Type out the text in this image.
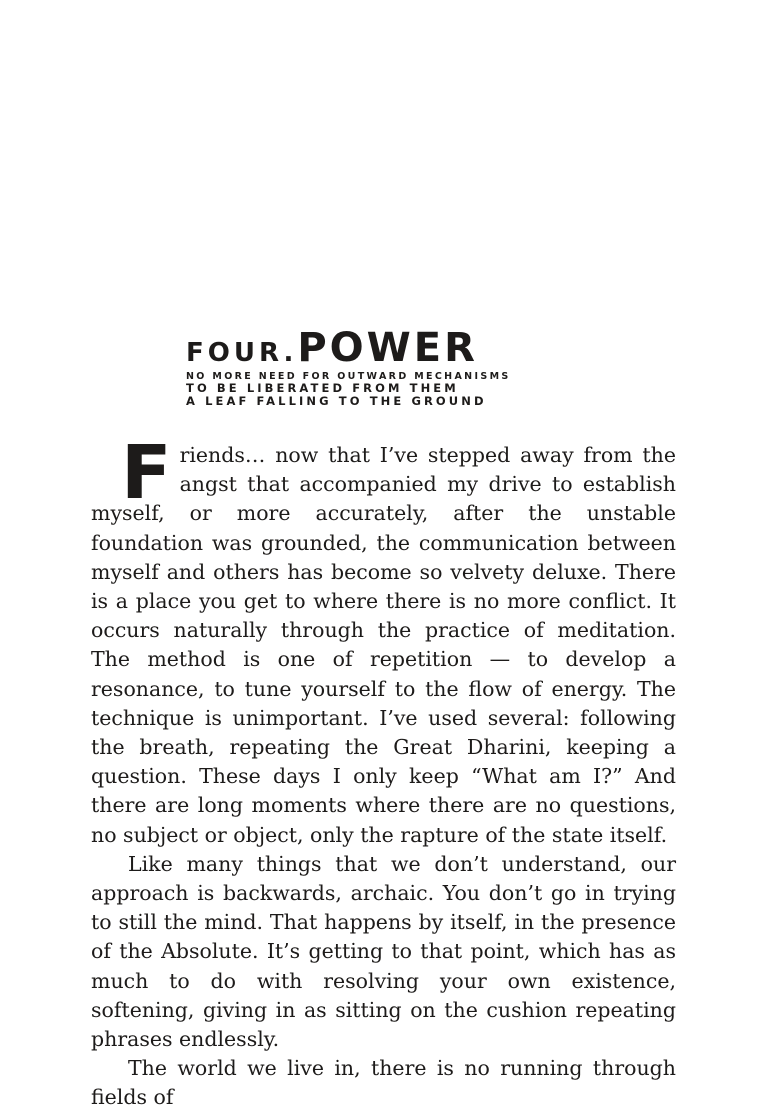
FOUR.POWER
NO MORE NEED FOR OUTWARD MECHANISMS
TO BE LIBERATED FROM THEM
A LEAF FALLING TO THE GROUND

Friends… now that I’ve stepped away from the angst that accompanied my drive to establish myself, or more accurately, after the unstable foundation was grounded, the communication between myself and others has become so velvety deluxe. There is a place you get to where there is no more conflict. It occurs naturally through the practice of meditation. The method is one of repetition — to develop a resonance, to tune yourself to the flow of energy. The technique is unimportant. I’ve used several: following the breath, repeating the Great Dharini, keeping a question. These days I only keep “What am I?” And there are long moments where there are no questions, no subject or object, only the rapture of the state itself.

Like many things that we don’t understand, our approach is backwards, archaic. You don’t go in trying to still the mind. That happens by itself, in the presence of the Absolute. It’s getting to that point, which has as much to do with resolving your own existence, softening, giving in as sitting on the cushion repeating phrases endlessly.

The world we live in, there is no running through fields of
